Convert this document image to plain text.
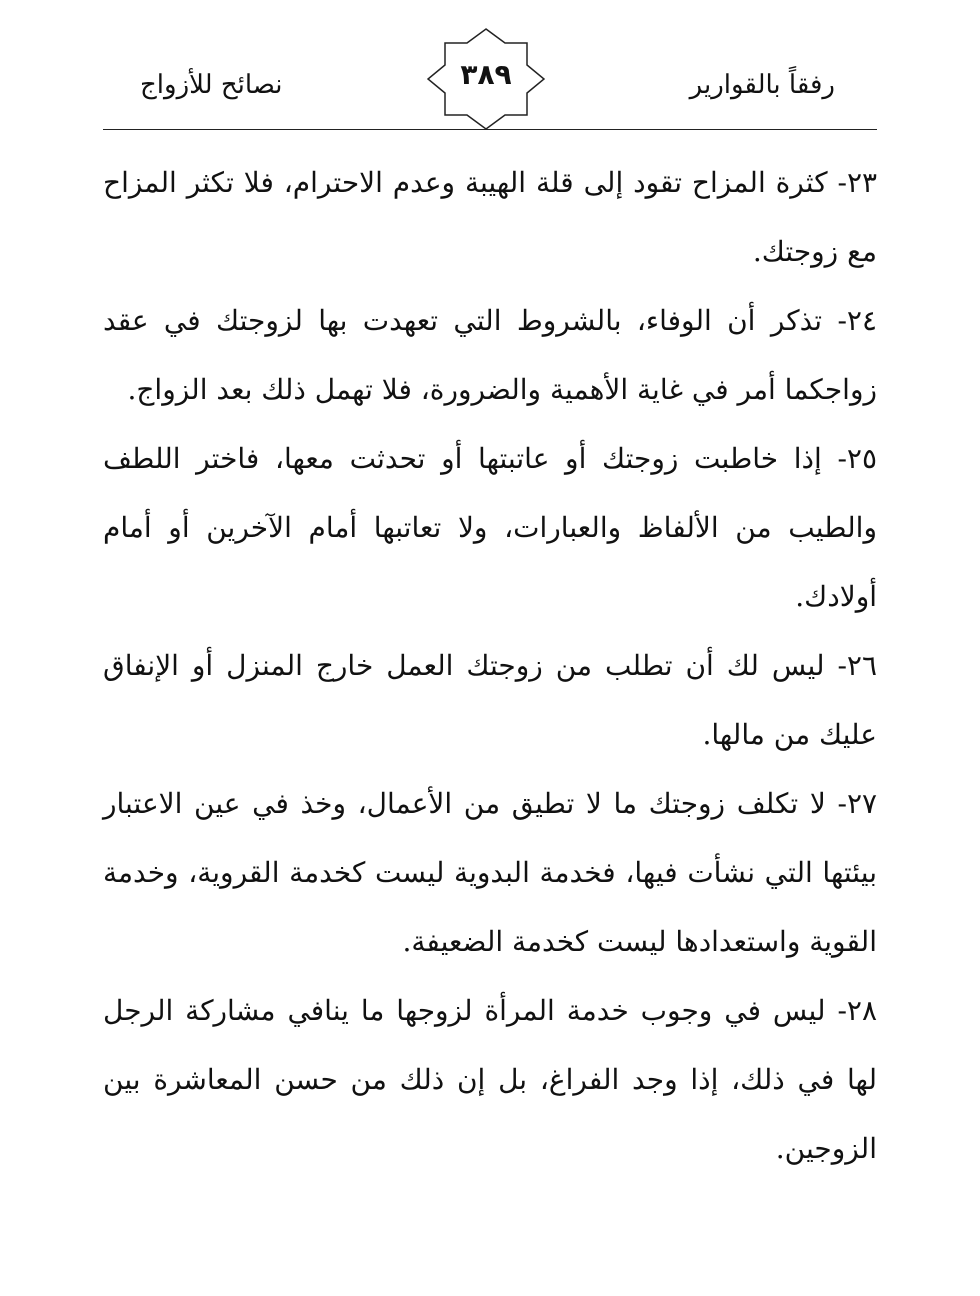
نصائح للأزواج	٣٨٩	رفقاً بالقوارير

٢٣- كثرة المزاح تقود إلى قلة الهيبة وعدم الاحترام، فلا تكثر المزاح مع زوجتك.

٢٤- تذكر أن الوفاء، بالشروط التي تعهدت بها لزوجتك في عقد زواجكما أمر في غاية الأهمية والضرورة، فلا تهمل ذلك بعد الزواج.

٢٥- إذا خاطبت زوجتك أو عاتبتها أو تحدثت معها، فاختر اللطف والطيب من الألفاظ والعبارات، ولا تعاتبها أمام الآخرين أو أمام أولادك.

٢٦- ليس لك أن تطلب من زوجتك العمل خارج المنزل أو الإنفاق عليك من مالها.

٢٧- لا تكلف زوجتك ما لا تطيق من الأعمال، وخذ في عين الاعتبار بيئتها التي نشأت فيها، فخدمة البدوية ليست كخدمة القروية، وخدمة القوية واستعدادها ليست كخدمة الضعيفة.

٢٨- ليس في وجوب خدمة المرأة لزوجها ما ينافي مشاركة الرجل لها في ذلك، إذا وجد الفراغ، بل إن ذلك من حسن المعاشرة بين الزوجين.
